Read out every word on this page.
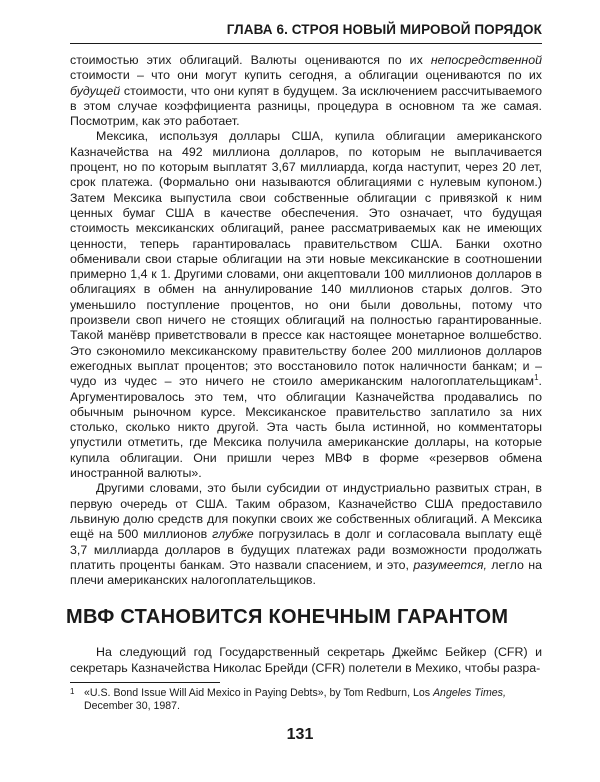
ГЛАВА 6. СТРОЯ НОВЫЙ МИРОВОЙ ПОРЯДОК

стоимостью этих облигаций. Валюты оцениваются по их непосредственной стоимости – что они могут купить сегодня, а облигации оцениваются по их будущей стоимости, что они купят в будущем. За исключением рассчитываемого в этом случае коэффициента разницы, процедура в основном та же самая. Посмотрим, как это работает.

Мексика, используя доллары США, купила облигации американского Казначейства на 492 миллиона долларов, по которым не выплачивается процент, но по которым выплатят 3,67 миллиарда, когда наступит, через 20 лет, срок платежа. (Формально они называются облигациями с нулевым купоном.) Затем Мексика выпустила свои собственные облигации с привязкой к ним ценных бумаг США в качестве обеспечения. Это означает, что будущая стоимость мексиканских облигаций, ранее рассматриваемых как не имеющих ценности, теперь гарантировалась правительством США. Банки охотно обменивали свои старые облигации на эти новые мексиканские в соотношении примерно 1,4 к 1. Другими словами, они акцептовали 100 миллионов долларов в облигациях в обмен на аннулирование 140 миллионов старых долгов. Это уменьшило поступление процентов, но они были довольны, потому что произвели своп ничего не стоящих облигаций на полностью гарантированные. Такой манёвр приветствовали в прессе как настоящее монетарное волшебство. Это сэкономило мексиканскому правительству более 200 миллионов долларов ежегодных выплат процентов; это восстановило поток наличности банкам; и – чудо из чудес – это ничего не стоило американским налогоплательщикам$^1$. Аргументировалось это тем, что облигации Казначейства продавались по обычным рыночном курсе. Мексиканское правительство заплатило за них столько, сколько никто другой. Эта часть была истинной, но комментаторы упустили отметить, где Мексика получила американские доллары, на которые купила облигации. Они пришли через МВФ в форме «резервов обмена иностранной валюты».

Другими словами, это были субсидии от индустриально развитых стран, в первую очередь от США. Таким образом, Казначейство США предоставило львиную долю средств для покупки своих же собственных облигаций. А Мексика ещё на 500 миллионов глубже погрузилась в долг и согласовала выплату ещё 3,7 миллиарда долларов в будущих платежах ради возможности продолжать платить проценты банкам. Это назвали спасением, и это, разумеется, легло на плечи американских налогоплательщиков.

МВФ СТАНОВИТСЯ КОНЕЧНЫМ ГАРАНТОМ

На следующий год Государственный секретарь Джеймс Бейкер (CFR) и секретарь Казначейства Николас Брейди (CFR) полетели в Мехико, чтобы разра-

1 «U.S. Bond Issue Will Aid Mexico in Paying Debts», by Tom Redburn, Los Angeles Times, December 30, 1987.
131
